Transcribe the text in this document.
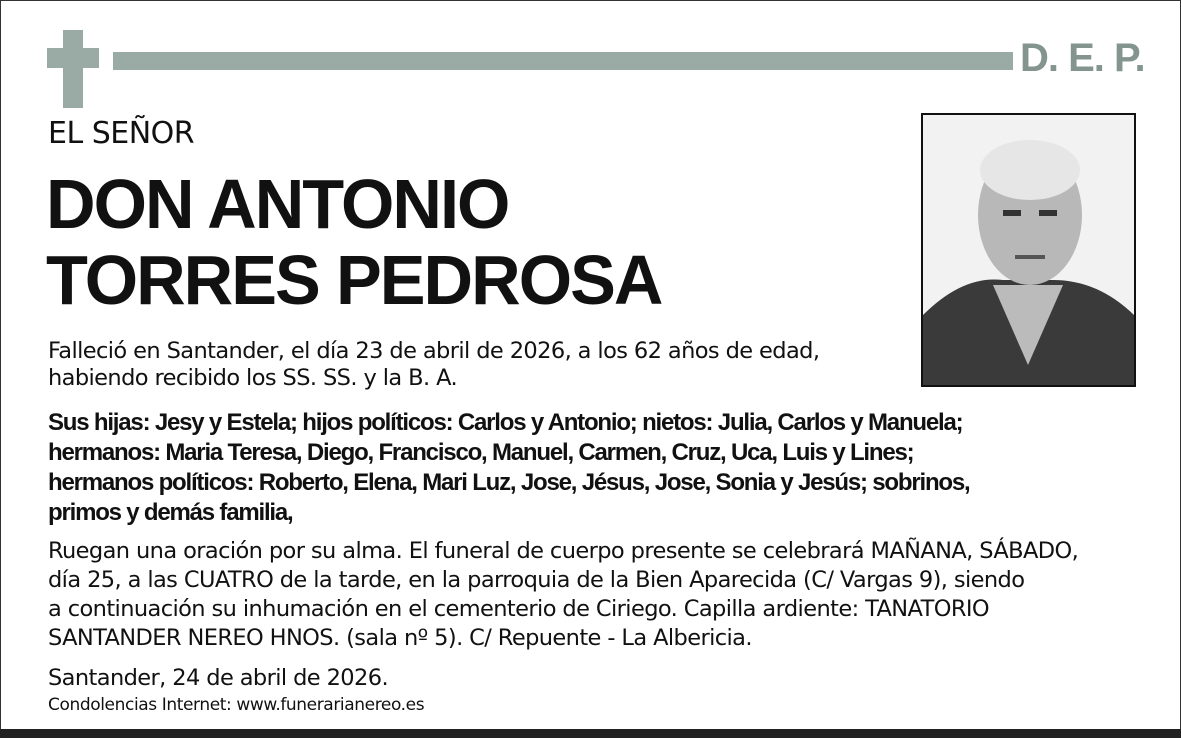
D. E. P.
EL SEÑOR
DON ANTONIO
TORRES PEDROSA
Falleció en Santander, el día 23 de abril de 2026, a los 62 años de edad,
habiendo recibido los SS. SS. y la B. A.
Sus hijas: Jesy y Estela; hijos políticos: Carlos y Antonio; nietos: Julia, Carlos y Manuela;
hermanos: Maria Teresa, Diego, Francisco, Manuel, Carmen, Cruz, Uca, Luis y Lines;
hermanos políticos: Roberto, Elena, Mari Luz, Jose, Jésus, Jose, Sonia y Jesús; sobrinos,
primos y demás familia,
Ruegan una oración por su alma. El funeral de cuerpo presente se celebrará MAÑANA, SÁBADO,
día 25, a las CUATRO de la tarde, en la parroquia de la Bien Aparecida (C/ Vargas 9), siendo
a continuación su inhumación en el cementerio de Ciriego. Capilla ardiente: TANATORIO
SANTANDER NEREO HNOS. (sala nº 5). C/ Repuente - La Albericia.
Santander, 24 de abril de 2026.
Condolencias Internet: www.funerarianereo.es
